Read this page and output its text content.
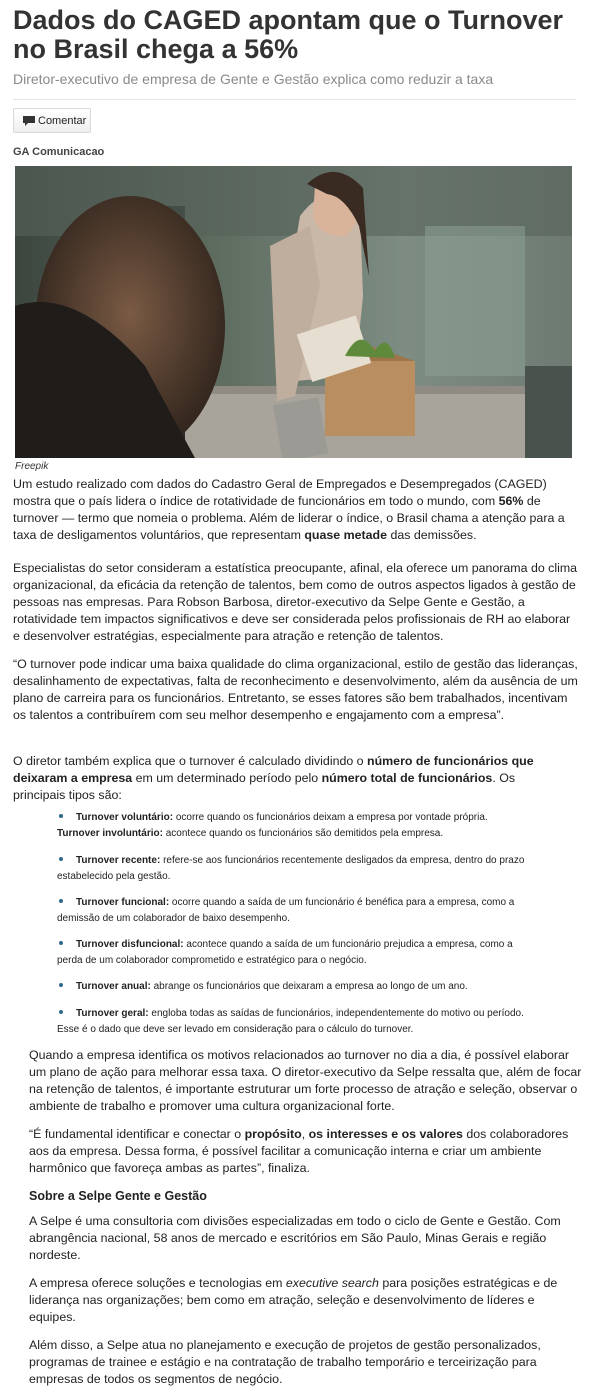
Dados do CAGED apontam que o Turnover no Brasil chega a 56%
Diretor-executivo de empresa de Gente e Gestão explica como reduzir a taxa
Comentar
GA Comunicacao
Freepik

Um estudo realizado com dados do Cadastro Geral de Empregados e Desempregados (CAGED) mostra que o país lidera o índice de rotatividade de funcionários em todo o mundo, com 56% de turnover — termo que nomeia o problema. Além de liderar o índice, o Brasil chama a atenção para a taxa de desligamentos voluntários, que representam quase metade das demissões.

Especialistas do setor consideram a estatística preocupante, afinal, ela oferece um panorama do clima organizacional, da eficácia da retenção de talentos, bem como de outros aspectos ligados à gestão de pessoas nas empresas. Para Robson Barbosa, diretor-executivo da Selpe Gente e Gestão, a rotatividade tem impactos significativos e deve ser considerada pelos profissionais de RH ao elaborar e desenvolver estratégias, especialmente para atração e retenção de talentos.

“O turnover pode indicar uma baixa qualidade do clima organizacional, estilo de gestão das lideranças, desalinhamento de expectativas, falta de reconhecimento e desenvolvimento, além da ausência de um plano de carreira para os funcionários. Entretanto, se esses fatores são bem trabalhados, incentivam os talentos a contribuírem com seu melhor desempenho e engajamento com a empresa”.

O diretor também explica que o turnover é calculado dividindo o número de funcionários que deixaram a empresa em um determinado período pelo número total de funcionários. Os principais tipos são:

Turnover voluntário: ocorre quando os funcionários deixam a empresa por vontade própria.
Turnover involuntário: acontece quando os funcionários são demitidos pela empresa.
Turnover recente: refere-se aos funcionários recentemente desligados da empresa, dentro do prazo estabelecido pela gestão.
Turnover funcional: ocorre quando a saída de um funcionário é benéfica para a empresa, como a demissão de um colaborador de baixo desempenho.
Turnover disfuncional: acontece quando a saída de um funcionário prejudica a empresa, como a perda de um colaborador comprometido e estratégico para o negócio.
Turnover anual: abrange os funcionários que deixaram a empresa ao longo de um ano.
Turnover geral: engloba todas as saídas de funcionários, independentemente do motivo ou período. Esse é o dado que deve ser levado em consideração para o cálculo do turnover.

Quando a empresa identifica os motivos relacionados ao turnover no dia a dia, é possível elaborar um plano de ação para melhorar essa taxa. O diretor-executivo da Selpe ressalta que, além de focar na retenção de talentos, é importante estruturar um forte processo de atração e seleção, observar o ambiente de trabalho e promover uma cultura organizacional forte.

“É fundamental identificar e conectar o propósito, os interesses e os valores dos colaboradores aos da empresa. Dessa forma, é possível facilitar a comunicação interna e criar um ambiente harmônico que favoreça ambas as partes”, finaliza.

Sobre a Selpe Gente e Gestão

A Selpe é uma consultoria com divisões especializadas em todo o ciclo de Gente e Gestão. Com abrangência nacional, 58 anos de mercado e escritórios em São Paulo, Minas Gerais e região nordeste.

A empresa oferece soluções e tecnologias em executive search para posições estratégicas e de liderança nas organizações; bem como em atração, seleção e desenvolvimento de líderes e equipes.

Além disso, a Selpe atua no planejamento e execução de projetos de gestão personalizados, programas de trainee e estágio e na contratação de trabalho temporário e terceirização para empresas de todos os segmentos de negócio.
